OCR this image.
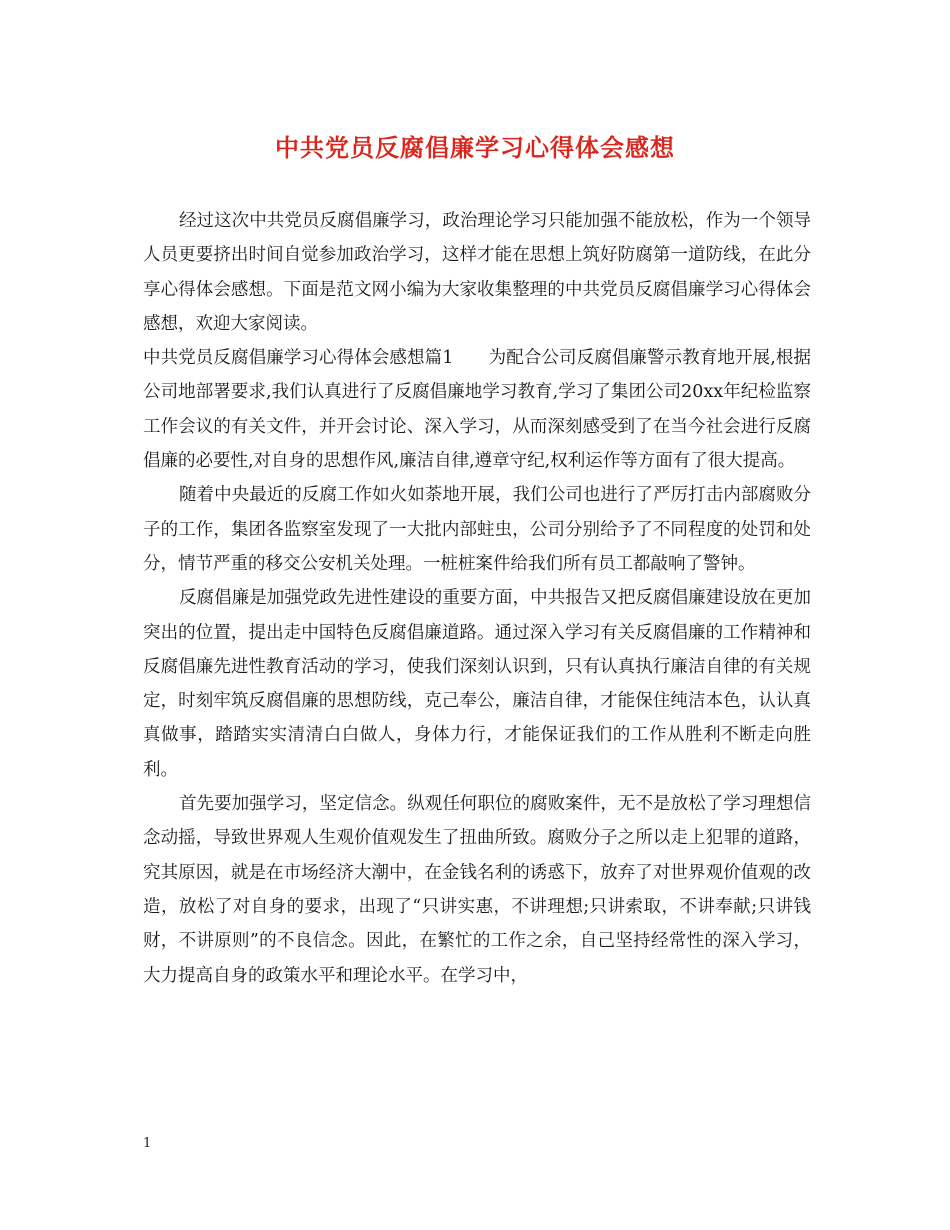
中共党员反腐倡廉学习心得体会感想

经过这次中共党员反腐倡廉学习，政治理论学习只能加强不能放松，作为一个领导人员更要挤出时间自觉参加政治学习，这样才能在思想上筑好防腐第一道防线，在此分享心得体会感想。下面是范文网小编为大家收集整理的中共党员反腐倡廉学习心得体会感想，欢迎大家阅读。

中共党员反腐倡廉学习心得体会感想篇1　　为配合公司反腐倡廉警示教育地开展,根据公司地部署要求,我们认真进行了反腐倡廉地学习教育,学习了集团公司20xx年纪检监察工作会议的有关文件，并开会讨论、深入学习，从而深刻感受到了在当今社会进行反腐倡廉的必要性,对自身的思想作风,廉洁自律,遵章守纪,权利运作等方面有了很大提高。

随着中央最近的反腐工作如火如荼地开展，我们公司也进行了严厉打击内部腐败分子的工作，集团各监察室发现了一大批内部蛀虫，公司分别给予了不同程度的处罚和处分，情节严重的移交公安机关处理。一桩桩案件给我们所有员工都敲响了警钟。

反腐倡廉是加强党政先进性建设的重要方面，中共报告又把反腐倡廉建设放在更加突出的位置，提出走中国特色反腐倡廉道路。通过深入学习有关反腐倡廉的工作精神和反腐倡廉先进性教育活动的学习，使我们深刻认识到，只有认真执行廉洁自律的有关规定，时刻牢筑反腐倡廉的思想防线，克己奉公，廉洁自律，才能保住纯洁本色，认认真真做事，踏踏实实清清白白做人，身体力行，才能保证我们的工作从胜利不断走向胜利。

首先要加强学习，坚定信念。纵观任何职位的腐败案件，无不是放松了学习理想信念动摇，导致世界观人生观价值观发生了扭曲所致。腐败分子之所以走上犯罪的道路，究其原因，就是在市场经济大潮中，在金钱名利的诱惑下，放弃了对世界观价值观的改造，放松了对自身的要求，出现了“只讲实惠，不讲理想;只讲索取，不讲奉献;只讲钱财，不讲原则”的不良信念。因此，在繁忙的工作之余，自己坚持经常性的深入学习，大力提高自身的政策水平和理论水平。在学习中，

1
